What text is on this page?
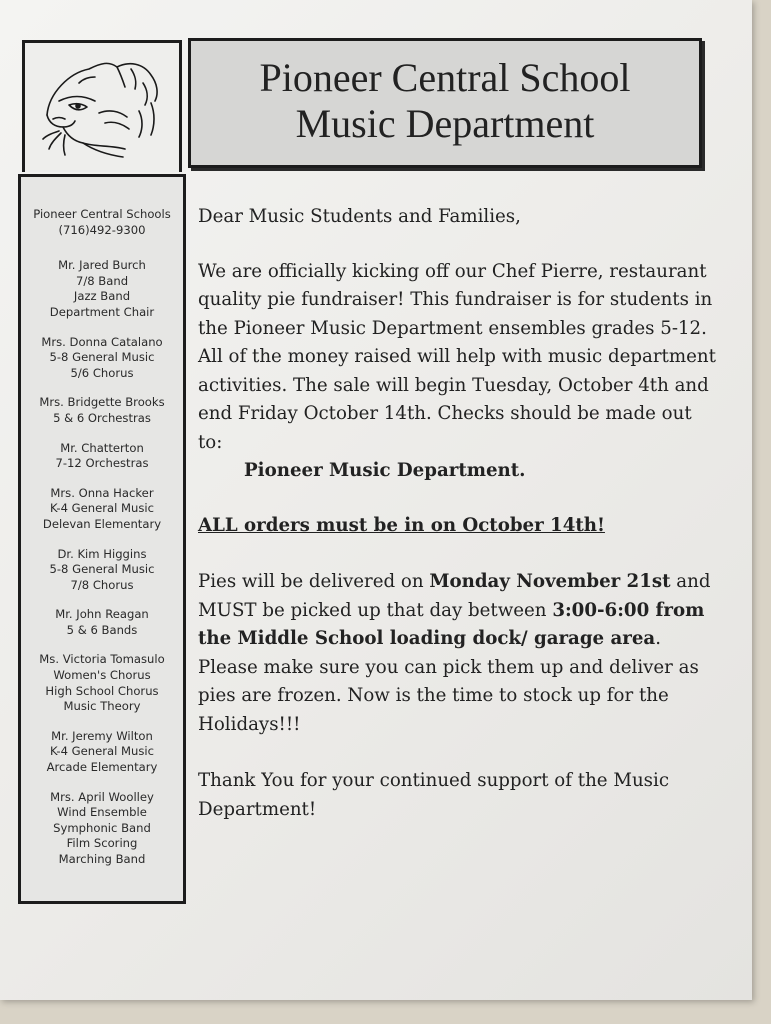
Pioneer Central School
Music Department
Pioneer Central Schools
(716)492-9300
Mr. Jared Burch
7/8 Band
Jazz Band
Department Chair
Mrs. Donna Catalano
5-8 General Music
5/6 Chorus
Mrs. Bridgette Brooks
5 & 6 Orchestras
Mr. Chatterton
7-12 Orchestras
Mrs. Onna Hacker
K-4 General Music
Delevan Elementary
Dr. Kim Higgins
5-8 General Music
7/8 Chorus
Mr. John Reagan
5 & 6 Bands
Ms. Victoria Tomasulo
Women's Chorus
High School Chorus
Music Theory
Mr. Jeremy Wilton
K-4 General Music
Arcade Elementary
Mrs. April Woolley
Wind Ensemble
Symphonic Band
Film Scoring
Marching Band

Dear Music Students and Families,

We are officially kicking off our Chef Pierre, restaurant quality pie fundraiser! This fundraiser is for students in the Pioneer Music Department ensembles grades 5-12. All of the money raised will help with music department activities. The sale will begin Tuesday, October 4th and end Friday October 14th. Checks should be made out to:
Pioneer Music Department.

ALL orders must be in on October 14th!

Pies will be delivered on Monday November 21st and MUST be picked up that day between 3:00-6:00 from the Middle School loading dock/ garage area. Please make sure you can pick them up and deliver as pies are frozen. Now is the time to stock up for the Holidays!!!

Thank You for your continued support of the Music Department!
